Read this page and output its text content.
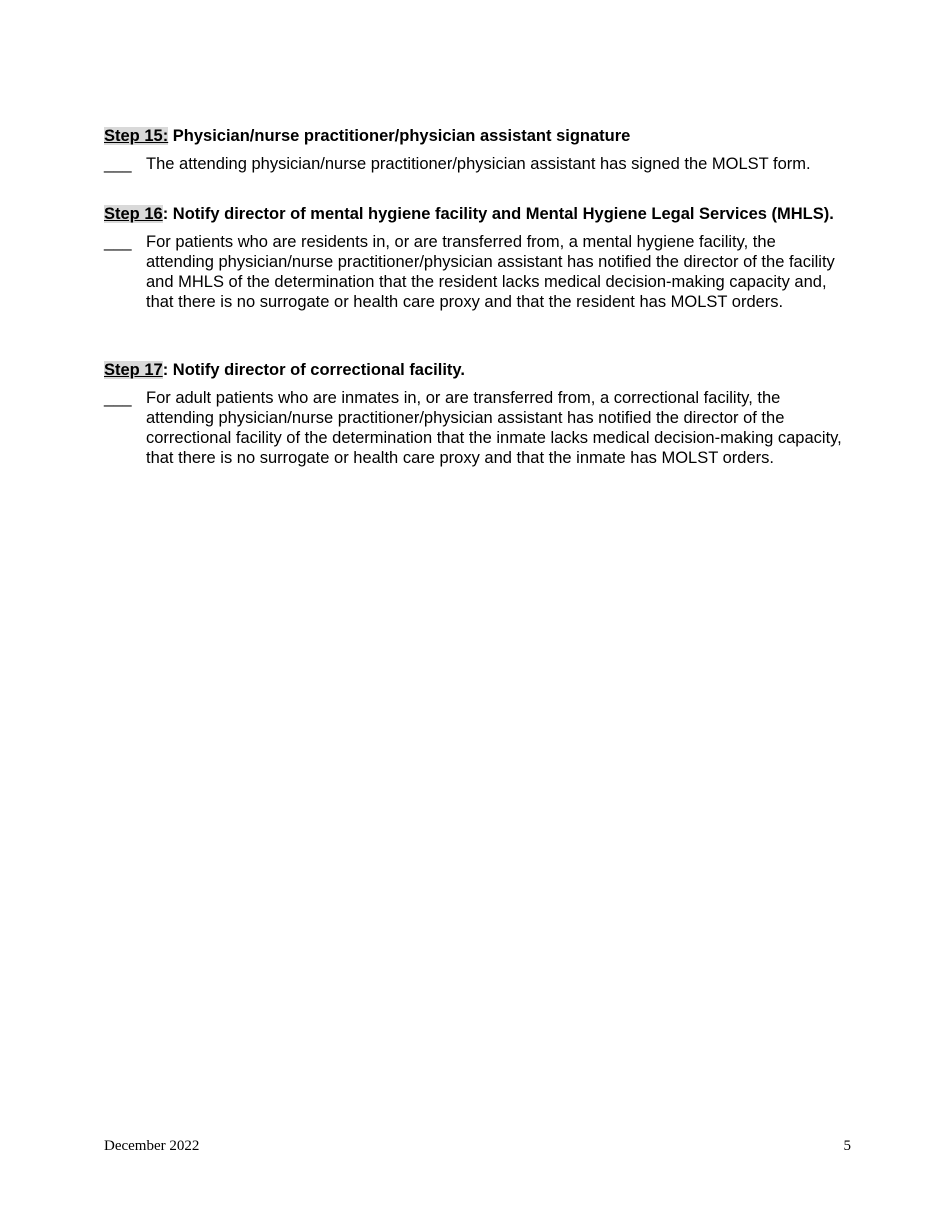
Step 15: Physician/nurse practitioner/physician assistant signature

___ The attending physician/nurse practitioner/physician assistant has signed the MOLST form.

Step 16: Notify director of mental hygiene facility and Mental Hygiene Legal Services (MHLS).

___ For patients who are residents in, or are transferred from, a mental hygiene facility, the attending physician/nurse practitioner/physician assistant has notified the director of the facility and MHLS of the determination that the resident lacks medical decision-making capacity and, that there is no surrogate or health care proxy and that the resident has MOLST orders.

Step 17: Notify director of correctional facility.

___ For adult patients who are inmates in, or are transferred from, a correctional facility, the attending physician/nurse practitioner/physician assistant has notified the director of the correctional facility of the determination that the inmate lacks medical decision-making capacity, that there is no surrogate or health care proxy and that the inmate has MOLST orders.
December 2022	5
